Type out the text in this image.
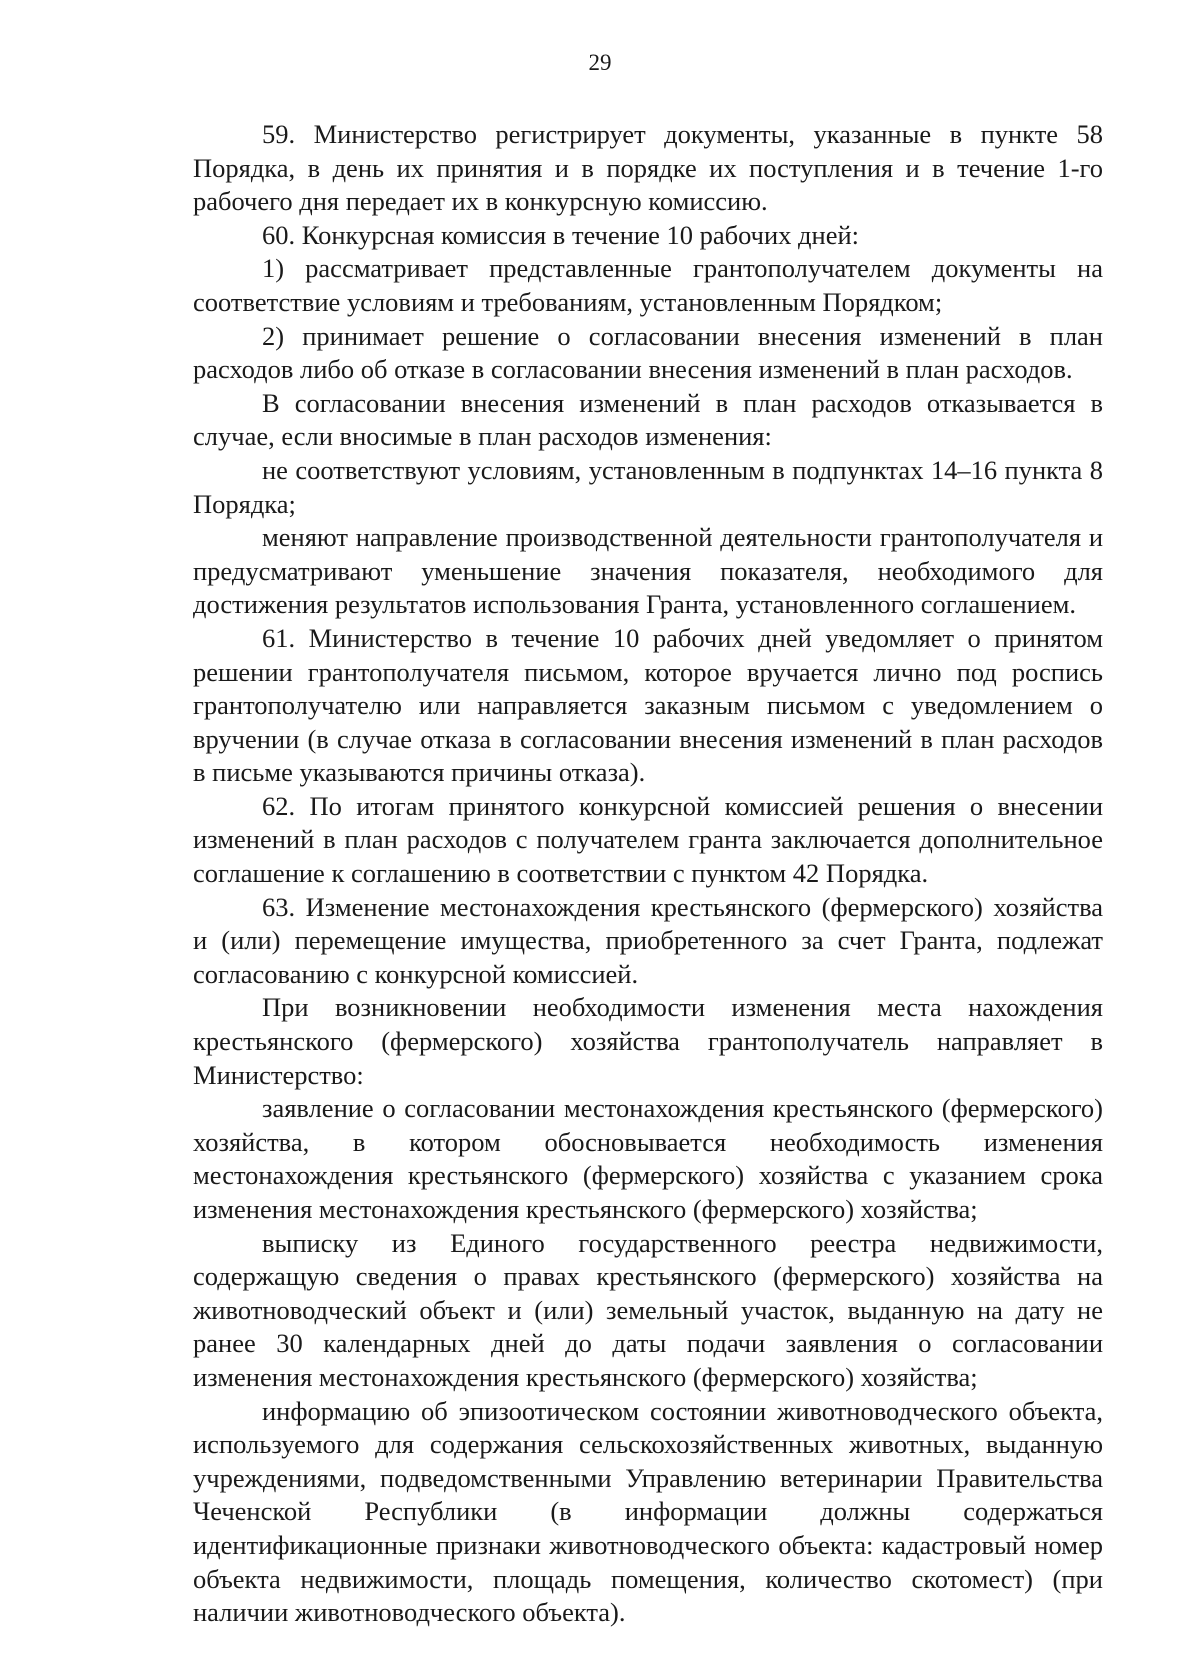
29

59. Министерство регистрирует документы, указанные в пункте 58 Порядка, в день их принятия и в порядке их поступления и в течение 1-го рабочего дня передает их в конкурсную комиссию.

60. Конкурсная комиссия в течение 10 рабочих дней:

1) рассматривает представленные грантополучателем документы на соответствие условиям и требованиям, установленным Порядком;

2) принимает решение о согласовании внесения изменений в план расходов либо об отказе в согласовании внесения изменений в план расходов.

В согласовании внесения изменений в план расходов отказывается в случае, если вносимые в план расходов изменения:

не соответствуют условиям, установленным в подпунктах 14–16 пункта 8 Порядка;

меняют направление производственной деятельности грантополучателя и предусматривают уменьшение значения показателя, необходимого для достижения результатов использования Гранта, установленного соглашением.

61. Министерство в течение 10 рабочих дней уведомляет о принятом решении грантополучателя письмом, которое вручается лично под роспись грантополучателю или направляется заказным письмом с уведомлением о вручении (в случае отказа в согласовании внесения изменений в план расходов в письме указываются причины отказа).

62. По итогам принятого конкурсной комиссией решения о внесении изменений в план расходов с получателем гранта заключается дополнительное соглашение к соглашению в соответствии с пунктом 42 Порядка.

63. Изменение местонахождения крестьянского (фермерского) хозяйства и (или) перемещение имущества, приобретенного за счет Гранта, подлежат согласованию с конкурсной комиссией.

При возникновении необходимости изменения места нахождения крестьянского (фермерского) хозяйства грантополучатель направляет в Министерство:

заявление о согласовании местонахождения крестьянского (фермерского) хозяйства, в котором обосновывается необходимость изменения местонахождения крестьянского (фермерского) хозяйства с указанием срока изменения местонахождения крестьянского (фермерского) хозяйства;

выписку из Единого государственного реестра недвижимости, содержащую сведения о правах крестьянского (фермерского) хозяйства на животноводческий объект и (или) земельный участок, выданную на дату не ранее 30 календарных дней до даты подачи заявления о согласовании изменения местонахождения крестьянского (фермерского) хозяйства;

информацию об эпизоотическом состоянии животноводческого объекта, используемого для содержания сельскохозяйственных животных, выданную учреждениями, подведомственными Управлению ветеринарии Правительства Чеченской Республики (в информации должны содержаться идентификационные признаки животноводческого объекта: кадастровый номер объекта недвижимости, площадь помещения, количество скотомест) (при наличии животноводческого объекта).
